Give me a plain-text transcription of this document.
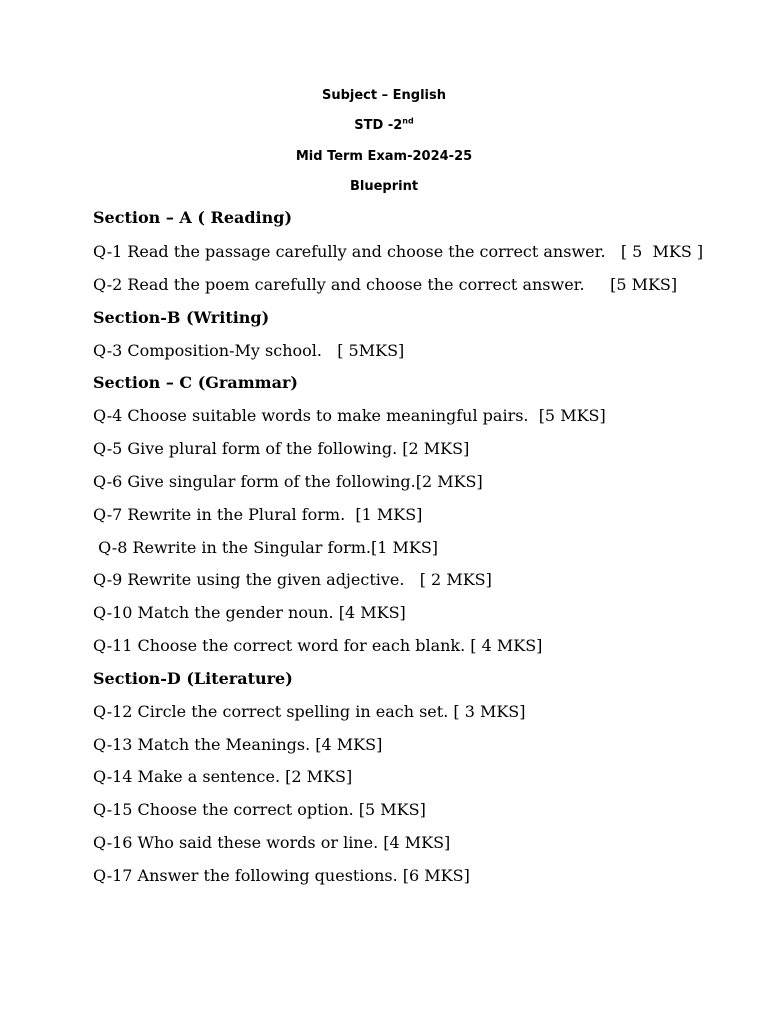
Subject – English
STD -2nd
Mid Term Exam-2024-25
Blueprint
Section – A ( Reading)
Q-1 Read the passage carefully and choose the correct answer.   [ 5  MKS ]
Q-2 Read the poem carefully and choose the correct answer.     [5 MKS]
Section-B (Writing)
Q-3 Composition-My school.   [ 5MKS]
Section – C (Grammar)
Q-4 Choose suitable words to make meaningful pairs.  [5 MKS]
Q-5 Give plural form of the following. [2 MKS]
Q-6 Give singular form of the following.[2 MKS]
Q-7 Rewrite in the Plural form.  [1 MKS]
Q-8 Rewrite in the Singular form.[1 MKS]
Q-9 Rewrite using the given adjective.   [ 2 MKS]
Q-10 Match the gender noun. [4 MKS]
Q-11 Choose the correct word for each blank. [ 4 MKS]
Section-D (Literature)
Q-12 Circle the correct spelling in each set. [ 3 MKS]
Q-13 Match the Meanings. [4 MKS]
Q-14 Make a sentence. [2 MKS]
Q-15 Choose the correct option. [5 MKS]
Q-16 Who said these words or line. [4 MKS]
Q-17 Answer the following questions. [6 MKS]
